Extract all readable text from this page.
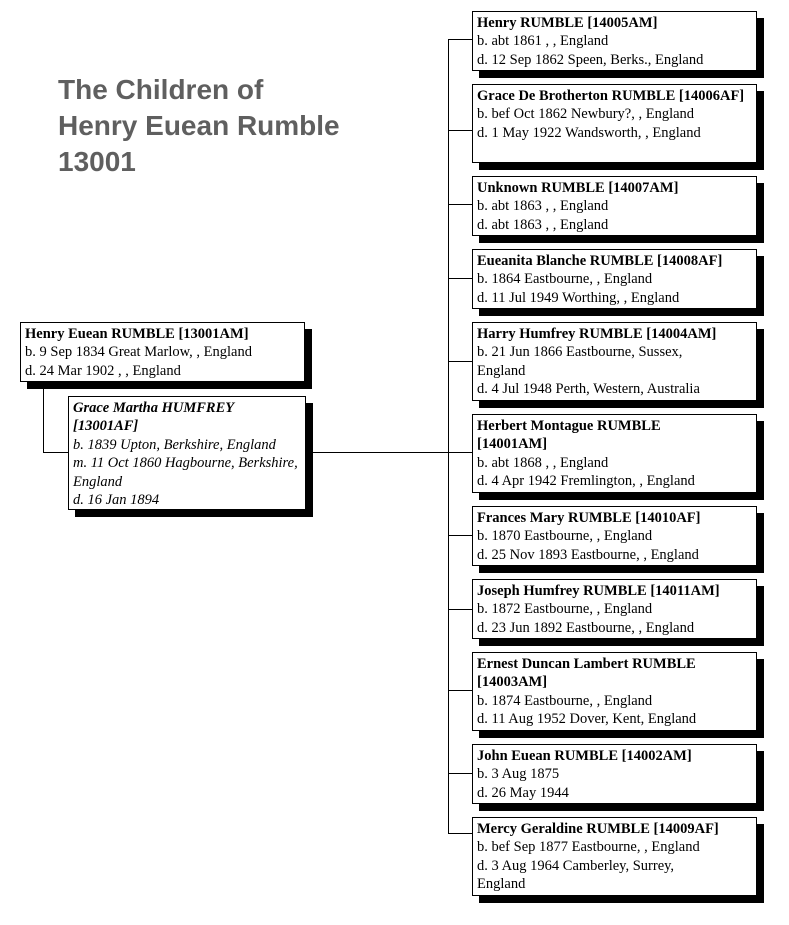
The Children of
Henry Euean Rumble
13001
Henry Euean RUMBLE [13001AM]
b. 9 Sep 1834 Great Marlow, , England
d. 24 Mar 1902 , , England
Grace Martha HUMFREY [13001AF]
b. 1839 Upton, Berkshire, England
m. 11 Oct 1860 Hagbourne, Berkshire, England
d. 16 Jan 1894
Henry RUMBLE [14005AM]
b. abt 1861 , , England
d. 12 Sep 1862 Speen, Berks., England
Grace De Brotherton RUMBLE [14006AF]
b. bef Oct 1862 Newbury?, , England
d. 1 May 1922 Wandsworth, , England
Unknown RUMBLE [14007AM]
b. abt 1863 , , England
d. abt 1863 , , England
Eueanita Blanche RUMBLE [14008AF]
b. 1864 Eastbourne, , England
d. 11 Jul 1949 Worthing, , England
Harry Humfrey RUMBLE [14004AM]
b. 21 Jun 1866 Eastbourne, Sussex, England
d. 4 Jul 1948 Perth, Western, Australia
Herbert Montague RUMBLE [14001AM]
b. abt 1868 , , England
d. 4 Apr 1942 Fremlington, , England
Frances Mary RUMBLE [14010AF]
b. 1870 Eastbourne, , England
d. 25 Nov 1893 Eastbourne, , England
Joseph Humfrey RUMBLE [14011AM]
b. 1872 Eastbourne, , England
d. 23 Jun 1892 Eastbourne, , England
Ernest Duncan Lambert RUMBLE [14003AM]
b. 1874 Eastbourne, , England
d. 11 Aug 1952 Dover, Kent, England
John Euean RUMBLE [14002AM]
b. 3 Aug 1875
d. 26 May 1944
Mercy Geraldine RUMBLE [14009AF]
b. bef Sep 1877 Eastbourne, , England
d. 3 Aug 1964 Camberley, Surrey, England
